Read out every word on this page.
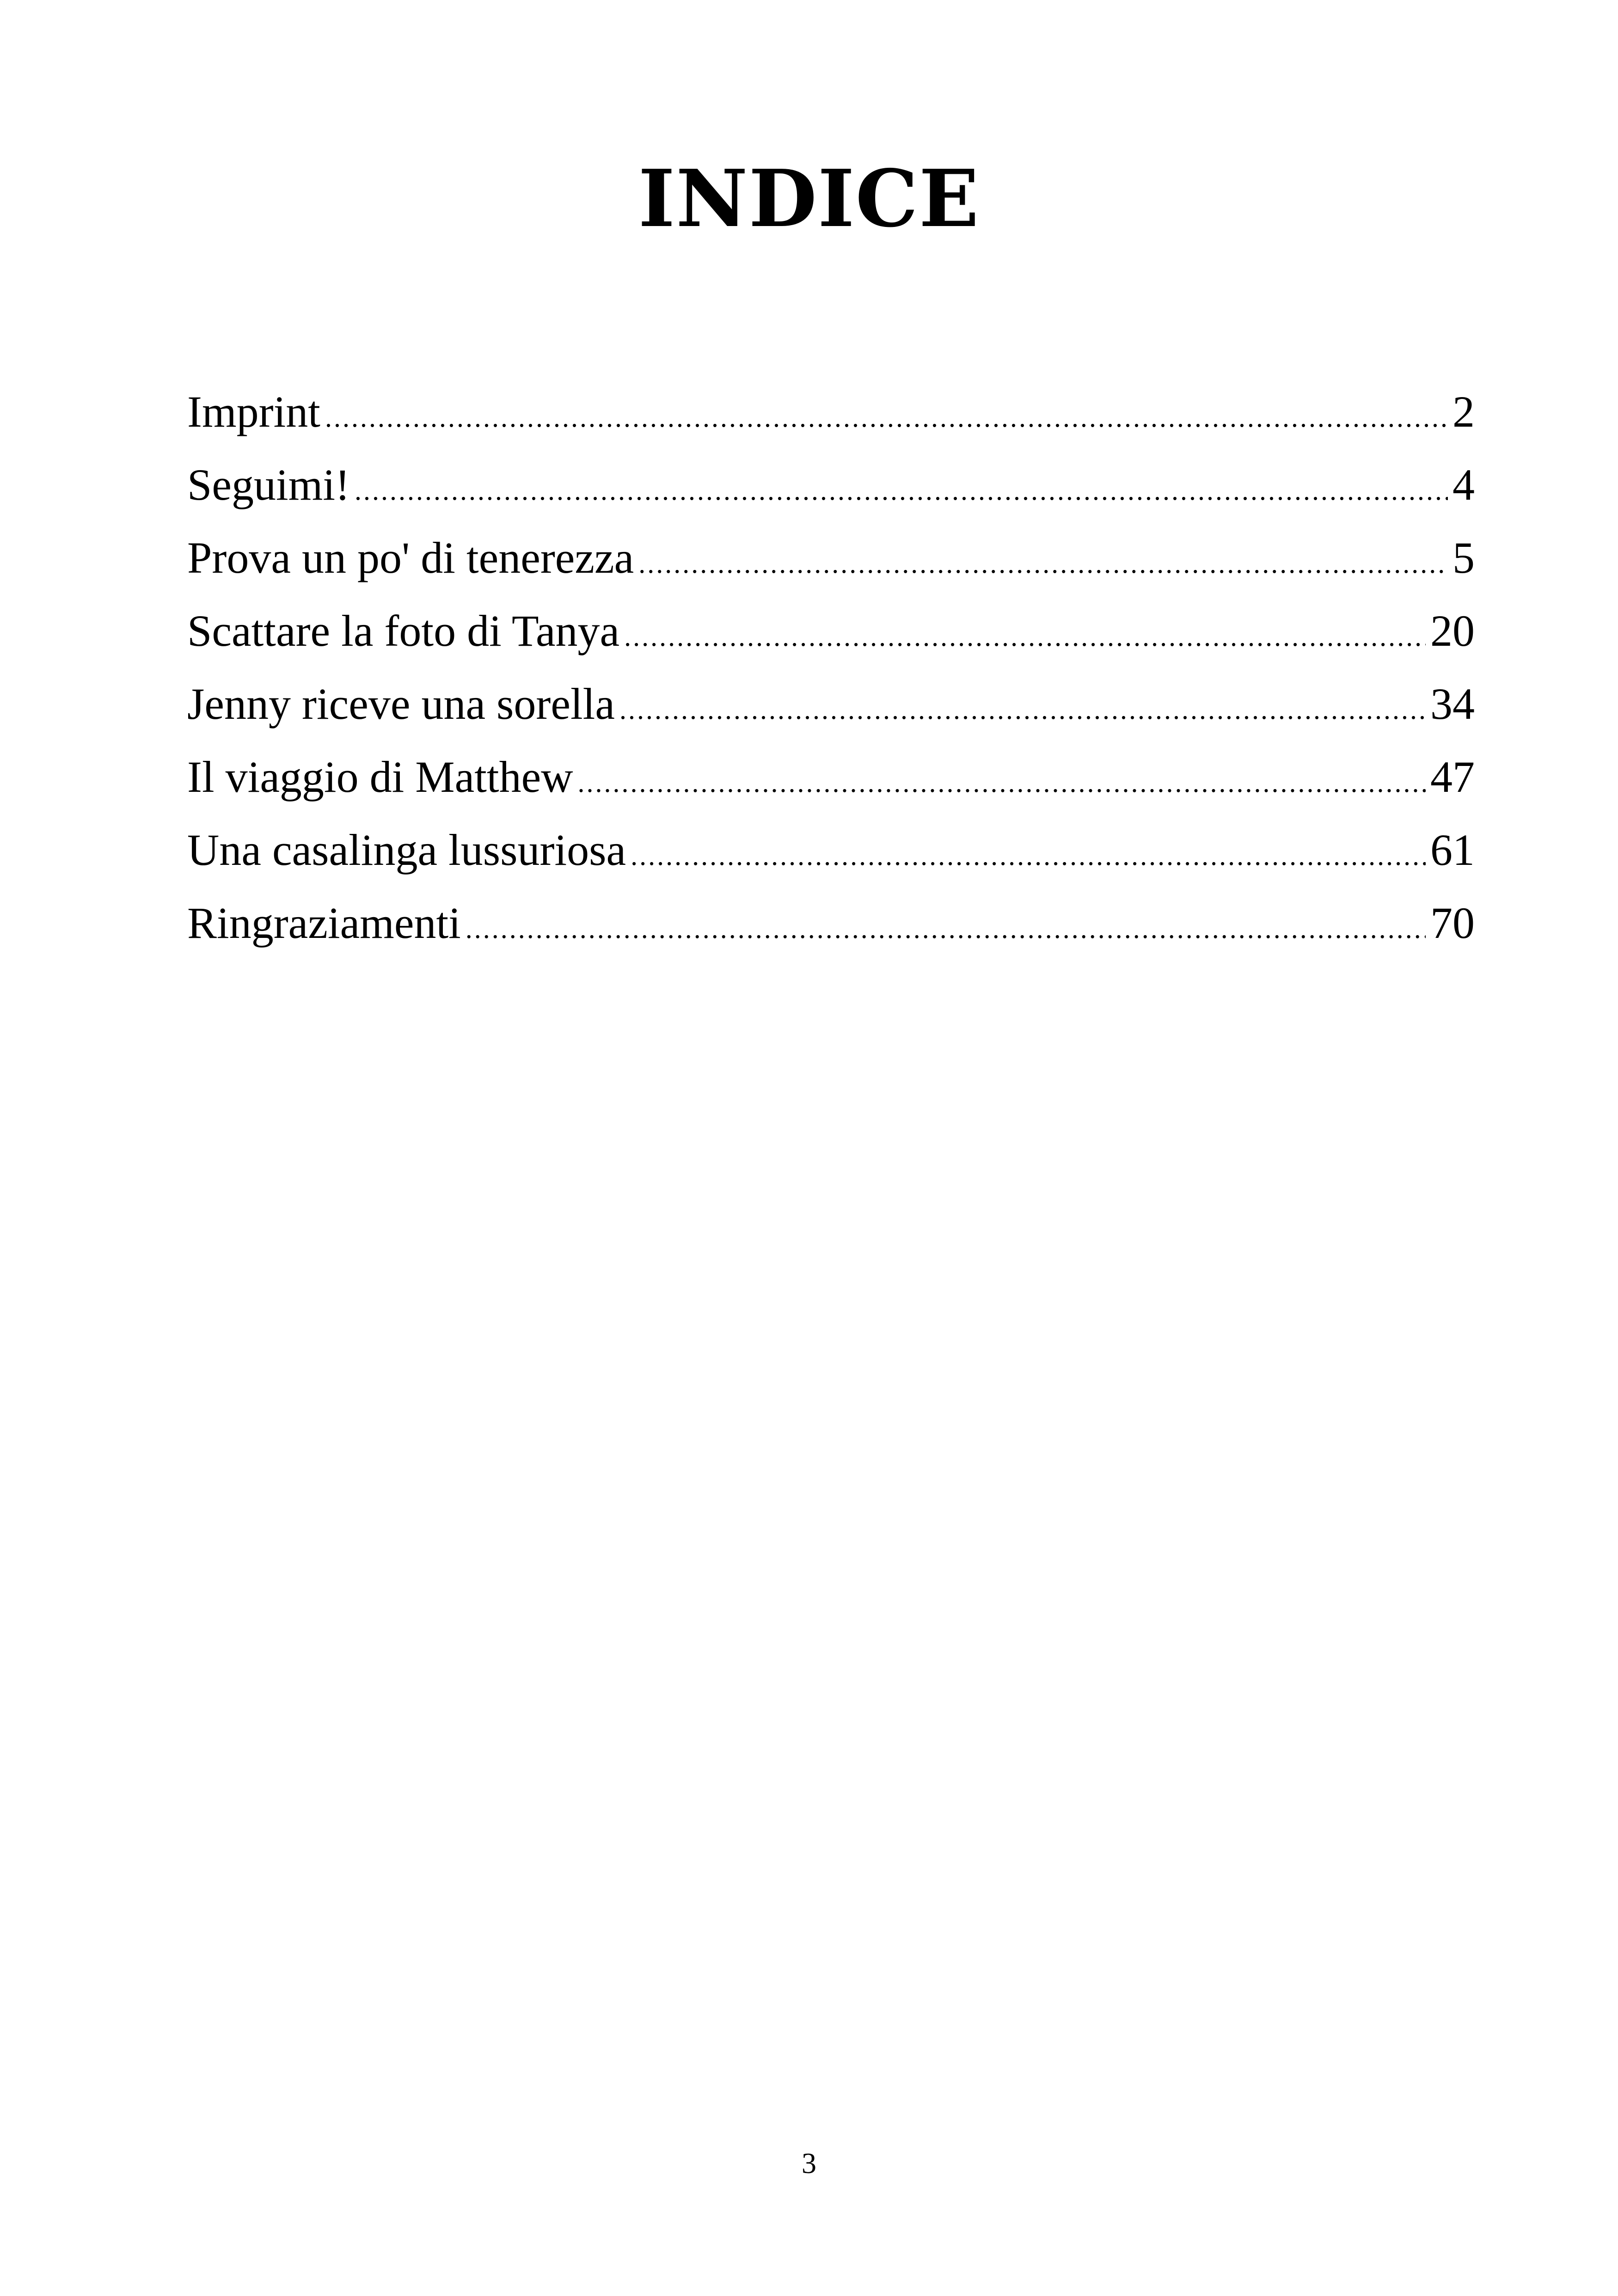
INDICE
Imprint .....	2
Seguimi! .....	4
Prova un po' di tenerezza .....	5
Scattare la foto di Tanya .....	20
Jenny riceve una sorella .....	34
Il viaggio di Matthew .....	47
Una casalinga lussuriosa .....	61
Ringraziamenti .....	70
3
